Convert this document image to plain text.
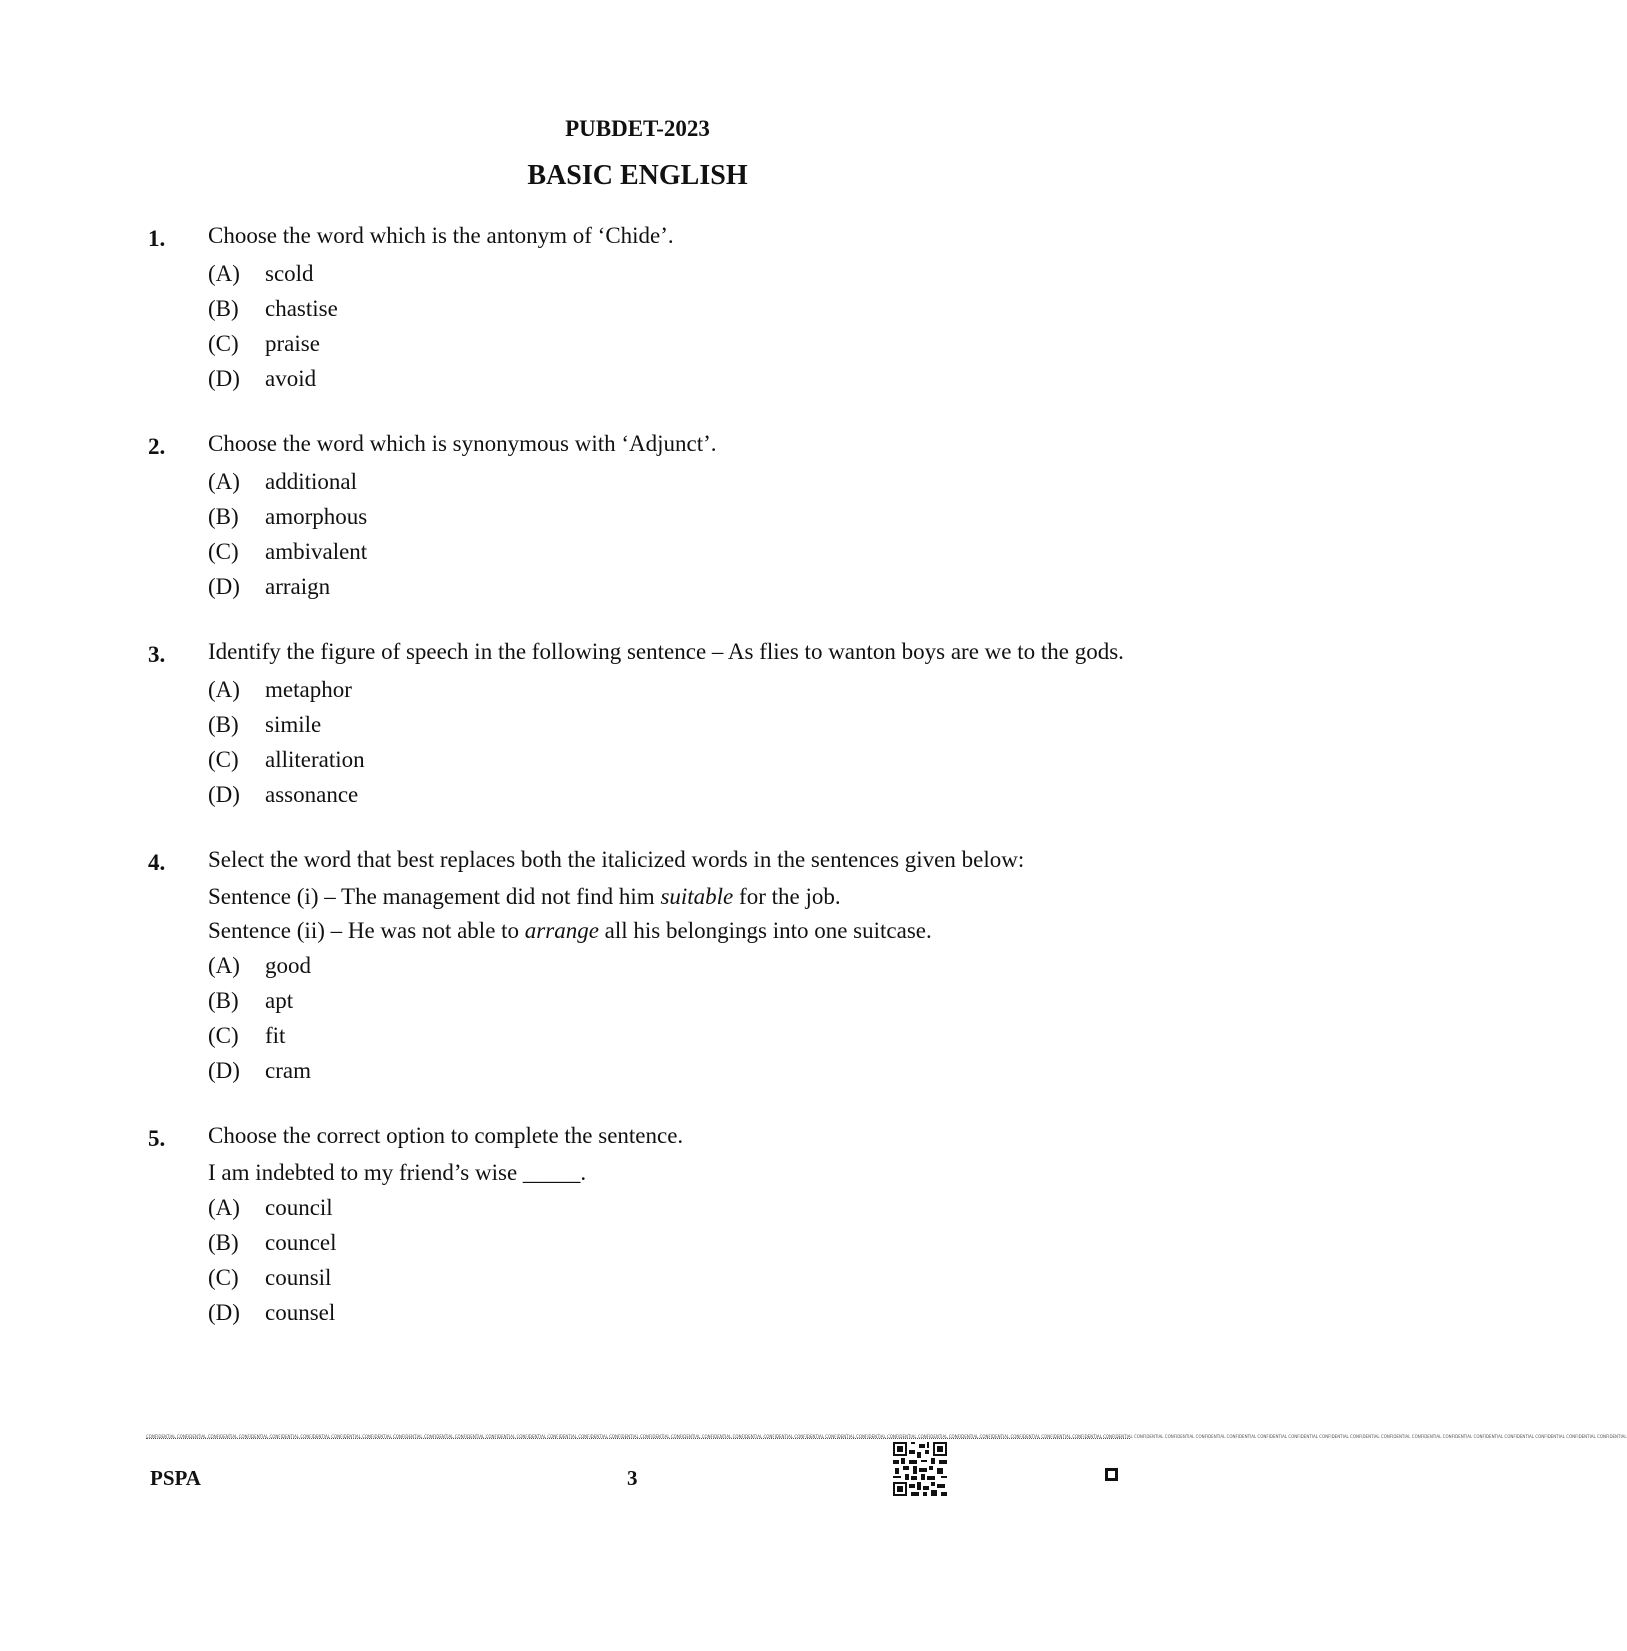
PUBDET-2023
BASIC ENGLISH
1.	Choose the word which is the antonym of ‘Chide’.
(A)	scold
(B)	chastise
(C)	praise
(D)	avoid
2.	Choose the word which is synonymous with ‘Adjunct’.
(A)	additional
(B)	amorphous
(C)	ambivalent
(D)	arraign
3.	Identify the figure of speech in the following sentence – As flies to wanton boys are we to the gods.
(A)	metaphor
(B)	simile
(C)	alliteration
(D)	assonance
4.	Select the word that best replaces both the italicized words in the sentences given below:
Sentence (i) – The management did not find him suitable for the job.
Sentence (ii) – He was not able to arrange all his belongings into one suitcase.
(A)	good
(B)	apt
(C)	fit
(D)	cram
5.	Choose the correct option to complete the sentence.
I am indebted to my friend’s wise _____.
(A)	council
(B)	councel
(C)	counsil
(D)	counsel
CONFIDENTIAL CONFIDENTIAL CONFIDENTIAL CONFIDENTIAL CONFIDENTIAL CONFIDENTIAL CONFIDENTIAL CONFIDENTIAL CONFIDENTIAL CONFIDENTIAL CONFIDENTIAL CONFIDENTIAL CONFIDENTIAL CONFIDENTIAL CONFIDENTIAL CONFIDENTIAL CONFIDENTIAL CONFIDENTIAL CONFIDENTIAL CONFIDENTIAL CONFIDENTIAL CONFIDENTIAL CONFIDENTIAL CONFIDENTIAL CONFIDENTIAL CONFIDENTIAL CONFIDENTIAL CONFIDENTIAL CONFIDENTIAL CONFIDENTIAL CONFIDENTIAL CONFIDENTIAL CONFIDENTIAL CONFIDENTIAL CONFIDENTIAL CONFIDENTIAL CONFIDENTIAL CONFIDENTIAL CONFIDENTIAL CONFIDENTIAL CONFIDENTIAL CONFIDENTIAL CONFIDENTIAL CONFIDENTIAL CONFIDENTIAL CONFIDENTIAL CONFIDENTIAL CONFIDENTIAL
PSPA	3
